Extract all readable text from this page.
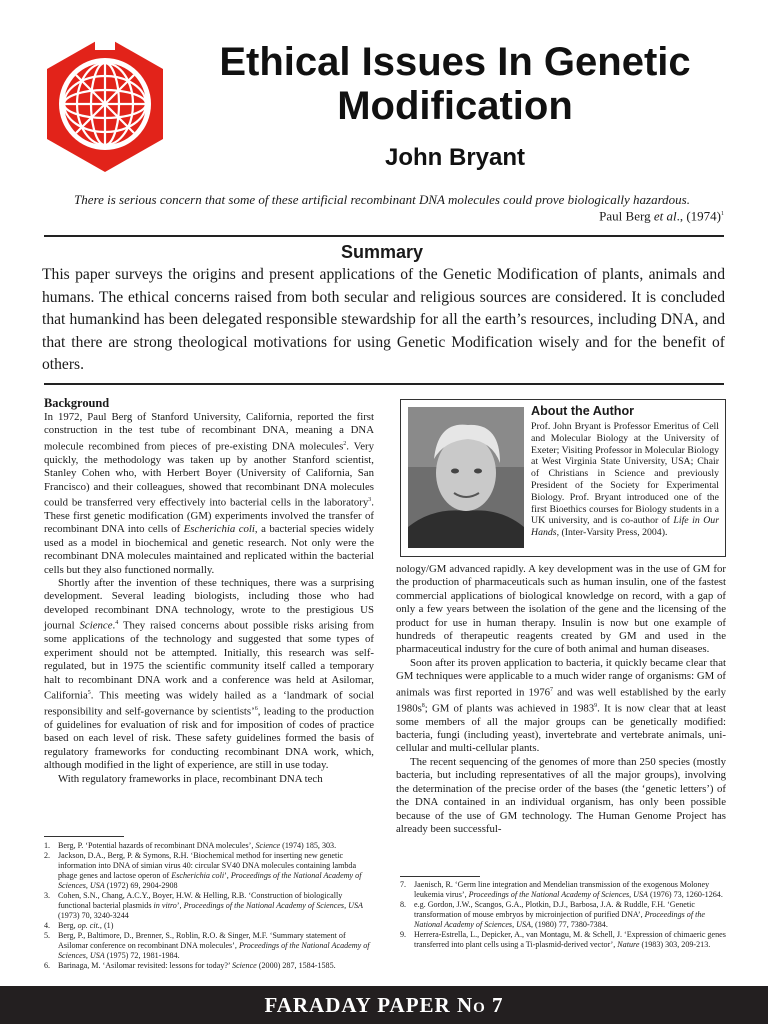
Ethical Issues In Genetic Modification
John Bryant
There is serious concern that some of these artificial recombinant DNA molecules could prove biologically hazardous.
Paul Berg et al., $(1974)^1$
Summary

This paper surveys the origins and present applications of the Genetic Modification of plants, animals and humans. The ethical concerns raised from both secular and religious sources are considered. It is concluded that humankind has been delegated responsible stewardship for all the earth’s resources, including DNA, and that there are strong theological motivations for using Genetic Modification wisely and for the benefit of others.

Background

In 1972, Paul Berg of Stanford University, California, reported the first construction in the test tube of recombinant DNA, meaning a DNA molecule recombined from pieces of pre-existing DNA molecules$^2$. Very quickly, the methodology was taken up by another Stanford scientist, Stanley Cohen who, with Herbert Boyer (University of California, San Francisco) and their colleagues, showed that recombinant DNA molecules could be transferred very effectively into bacterial cells in the laboratory$^3$. These first genetic modification (GM) experiments involved the transfer of recombinant DNA into cells of Escherichia coli, a bacterial species widely used as a model in biochemical and genetic research. Not only were the recombinant DNA molecules maintained and replicated within the bacterial cells but they also functioned normally.

Shortly after the invention of these techniques, there was a surprising development. Several leading biologists, including those who had developed recombinant DNA technology, wrote to the prestigious US journal Science.$^4$ They raised concerns about possible risks arising from some applications of the technology and suggested that some types of experiment should not be attempted. Initially, this research was self-regulated, but in 1975 the scientific community itself called a temporary halt to recombinant DNA work and a conference was held at Asilomar, California$^5$. This meeting was widely hailed as a ‘landmark of social responsibility and self-governance by scientists’$^6$, leading to the production of guidelines for evaluation of risk and for imposition of codes of practice based on each level of risk. These safety guidelines formed the basis of regulatory frameworks for conducting recombinant DNA work, which, although modified in the light of experience, are still in use today.

With regulatory frameworks in place, recombinant DNA tech

1. Berg, P. ‘Potential hazards of recombinant DNA molecules’, Science (1974) 185, 303.
2. Jackson, D.A., Berg, P. & Symons, R.H. ‘Biochemical method for inserting new genetic information into DNA of simian virus 40: circular SV40 DNA molecules containing lambda phage genes and lactose operon of Escherichia coli’, Proceedings of the National Academy of Sciences, USA (1972) 69, 2904-2908
3. Cohen, S.N., Chang, A.C.Y., Boyer, H.W. & Helling, R.B. ‘Construction of biologically functional bacterial plasmids in vitro’, Proceedings of the National Academy of Sciences, USA (1973) 70, 3240-3244
4. Berg, op. cit., (1)
5. Berg, P., Baltimore, D., Brenner, S., Roblin, R.O. & Singer, M.F. ‘Summary statement of Asilomar conference on recombinant DNA molecules’, Proceedings of the National Academy of Sciences, USA (1975) 72, 1981-1984.
6. Barinaga, M. ‘Asilomar revisited: lessons for today?’ Science (2000) 287, 1584-1585.
About the Author

Prof. John Bryant is Professor Emeritus of Cell and Molecular Biology at the University of Exeter; Visiting Professor in Molecular Biology at West Virginia State University, USA; Chair of Christians in Science and previously President of the Society for Experimental Biology. Prof. Bryant introduced one of the first Bioethics courses for Biology students in a UK university, and is co-author of Life in Our Hands, (Inter-Varsity Press, 2004).

nology/GM advanced rapidly. A key development was in the use of GM for the production of pharmaceuticals such as human insulin, one of the fastest commercial applications of biological knowledge on record, with a gap of only a few years between the isolation of the gene and the licensing of the product for use in human therapy. Insulin is now but one example of hundreds of therapeutic reagents created by GM and used in the pharmaceutical industry for the cure of both animal and human diseases.

Soon after its proven application to bacteria, it quickly became clear that GM techniques were applicable to a much wider range of organisms: GM of animals was first reported in 1976$^7$ and was well established by the early $1980s^8$; GM of plants was achieved in 1983$^9$. It is now clear that at least some members of all the major groups can be genetically modified: bacteria, fungi (including yeast), invertebrate and vertebrate animals, uni-cellular and multi-cellular plants.

The recent sequencing of the genomes of more than 250 species (mostly bacteria, but including representatives of all the major groups), involving the determination of the precise order of the bases (the ‘genetic letters’) of the DNA contained in an individual organism, has only been possible because of the use of GM technology. The Human Genome Project has already been successful-

7. Jaenisch, R. ‘Germ line integration and Mendelian transmission of the exogenous Moloney leukemia virus’, Proceedings of the National Academy of Sciences, USA (1976) 73, 1260-1264.
8. e.g. Gordon, J.W., Scangos, G.A., Plotkin, D.J., Barbosa, J.A. & Ruddle, F.H. ‘Genetic transformation of mouse embryos by microinjection of purified DNA’, Proceedings of the National Academy of Sciences, USA, (1980) 77, 7380-7384.
9. Herrera-Estrella, L., Depicker, A., van Montagu, M. & Schell, J. ‘Expression of chimaeric genes transferred into plant cells using a Ti-plasmid-derived vector’, Nature (1983) 303, 209-213.
FARADAY PAPER NO 7
